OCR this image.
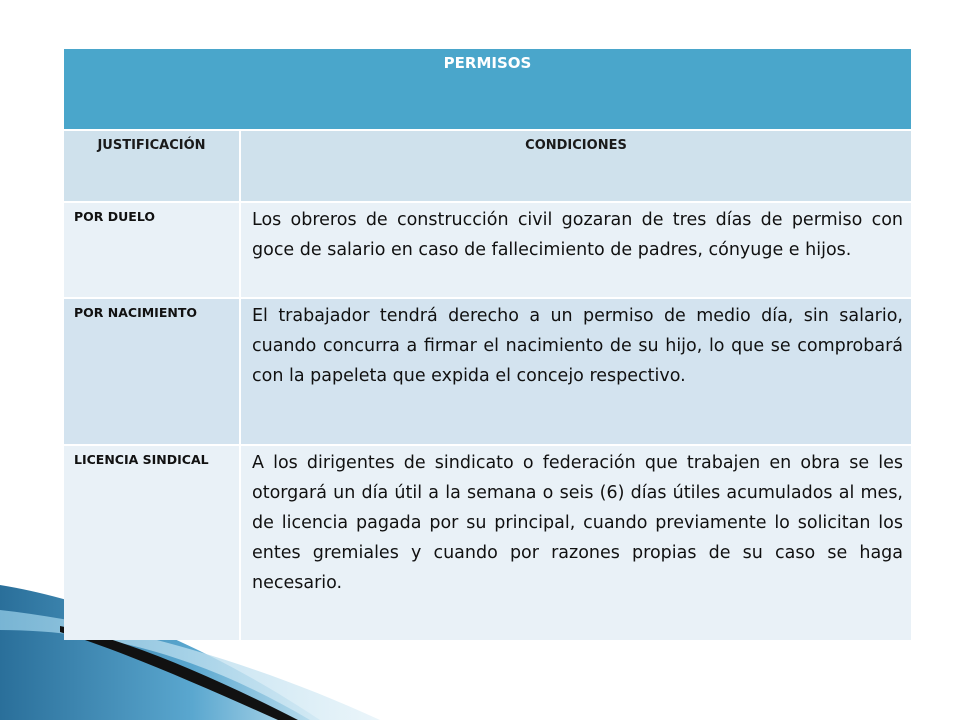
PERMISOS	
JUSTIFICACIÓN	CONDICIONES
POR DUELO	Los obreros de construcción civil gozaran de tres días de permiso con goce de salario en caso de fallecimiento de padres, cónyuge e hijos.
POR NACIMIENTO	El trabajador tendrá derecho a un permiso de medio día, sin salario, cuando concurra a firmar el nacimiento de su hijo, lo que se comprobará con la papeleta que expida el concejo respectivo.
LICENCIA SINDICAL	A los dirigentes de sindicato o federación que trabajen en obra se les otorgará un día útil a la semana o seis (6) días útiles acumulados al mes, de licencia pagada por su principal, cuando previamente lo solicitan los entes gremiales y cuando por razones propias de su caso se haga necesario.
